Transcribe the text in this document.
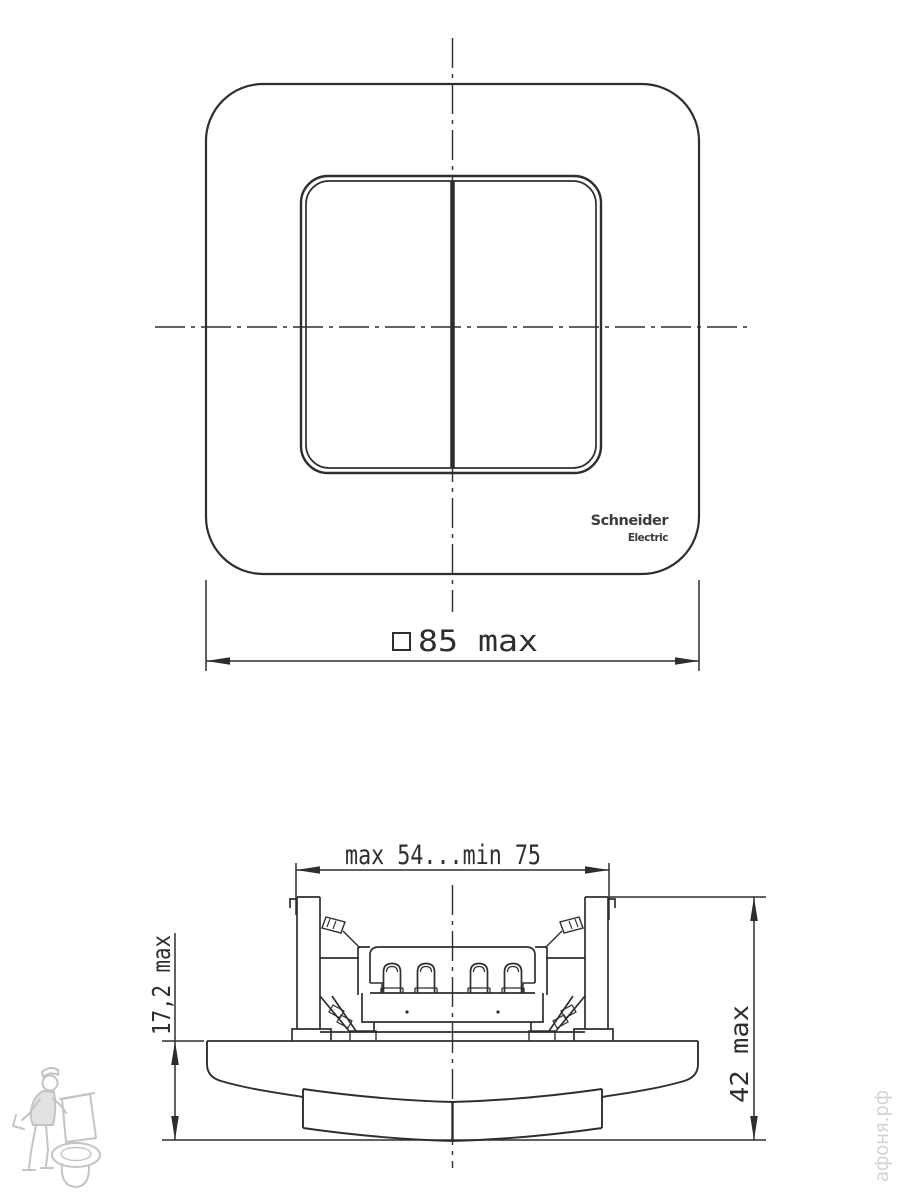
85 max
max 54...min 75
17,2 max
42 max
Schneider
Electric
афоня.рф
